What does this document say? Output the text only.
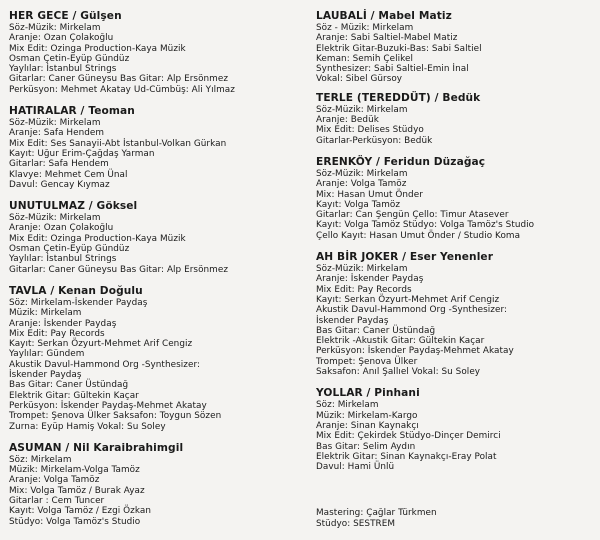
HER GECE / Gülşen
Söz-Müzik: Mirkelam
Aranje: Ozan Çolakoğlu
Mix Edit: Ozinga Production-Kaya Müzik
Osman Çetin-Eyüp Gündüz
Yaylılar: İstanbul Strings
Gitarlar: Caner Güneysu Bas Gitar: Alp Ersönmez
Perküsyon: Mehmet Akatay Ud-Cümbüş: Ali Yılmaz
HATIRALAR / Teoman
Söz-Müzik: Mirkelam
Aranje: Safa Hendem
Mix Edit: Ses Sanayii-Abt İstanbul-Volkan Gürkan
Kayıt: Uğur Erim-Çağdaş Yarman
Gitarlar: Safa Hendem
Klavye: Mehmet Cem Ünal
Davul: Gencay Kıymaz
UNUTULMAZ / Göksel
Söz-Müzik: Mirkelam
Aranje: Ozan Çolakoğlu
Mix Edit: Ozinga Production-Kaya Müzik
Osman Çetin-Eyüp Gündüz
Yaylılar: İstanbul Strings
Gitarlar: Caner Güneysu Bas Gitar: Alp Ersönmez
TAVLA / Kenan Doğulu
Söz: Mirkelam-İskender Paydaş
Müzik: Mirkelam
Aranje: İskender Paydaş
Mix Edit: Pay Records
Kayıt: Serkan Özyurt-Mehmet Arif Cengiz
Yaylılar: Gündem
Akustik Davul-Hammond Org -Synthesizer:
İskender Paydaş
Bas Gitar: Caner Üstündağ
Elektrik Gitar: Gültekin Kaçar
Perküsyon: İskender Paydaş-Mehmet Akatay
Trompet: Şenova Ülker Saksafon: Toygun Sözen
Zurna: Eyüp Hamiş Vokal: Su Soley
ASUMAN / Nil Karaibrahimgil
Söz: Mirkelam
Müzik: Mirkelam-Volga Tamöz
Aranje: Volga Tamöz
Mix: Volga Tamöz / Burak Ayaz
Gitarlar : Cem Tuncer
Kayıt: Volga Tamöz / Ezgi Özkan
Stüdyo: Volga Tamöz's Studio
LAUBALİ / Mabel Matiz
Söz - Müzik: Mirkelam
Aranje: Sabi Saltiel-Mabel Matiz
Elektrik Gitar-Buzuki-Bas: Sabi Saltiel
Keman: Semih Çelikel
Synthesizer: Sabi Saltiel-Emin İnal
Vokal: Sibel Gürsoy
TERLE (TEREDDÜT) / Bedük
Söz-Müzik: Mirkelam
Aranje: Bedük
Mix Edit: Delises Stüdyo
Gitarlar-Perküsyon: Bedük
ERENKÖY / Feridun Düzağaç
Söz-Müzik: Mirkelam
Aranje: Volga Tamöz
Mix: Hasan Umut Önder
Kayıt: Volga Tamöz
Gitarlar: Can Şengün Çello: Timur Atasever
Kayıt: Volga Tamöz Stüdyo: Volga Tamöz's Studio
Çello Kayıt: Hasan Umut Önder / Studio Koma
AH BİR JOKER / Eser Yenenler
Söz-Müzik: Mirkelam
Aranje: İskender Paydaş
Mix Edit: Pay Records
Kayıt: Serkan Özyurt-Mehmet Arif Cengiz
Akustik Davul-Hammond Org -Synthesizer:
İskender Paydaş
Bas Gitar: Caner Üstündağ
Elektrik -Akustik Gitar: Gültekin Kaçar
Perküsyon: İskender Paydaş-Mehmet Akatay
Trompet: Şenova Ülker
Saksafon: Anıl Şallıel Vokal: Su Soley
YOLLAR / Pinhani
Söz: Mirkelam
Müzik: Mirkelam-Kargo
Aranje: Sinan Kaynakçı
Mix Edit: Çekirdek Stüdyo-Dinçer Demirci
Bas Gitar: Selim Aydın
Elektrik Gitar: Sinan Kaynakçı-Eray Polat
Davul: Hami Ünlü
Mastering: Çağlar Türkmen
Stüdyo: SESTREM
